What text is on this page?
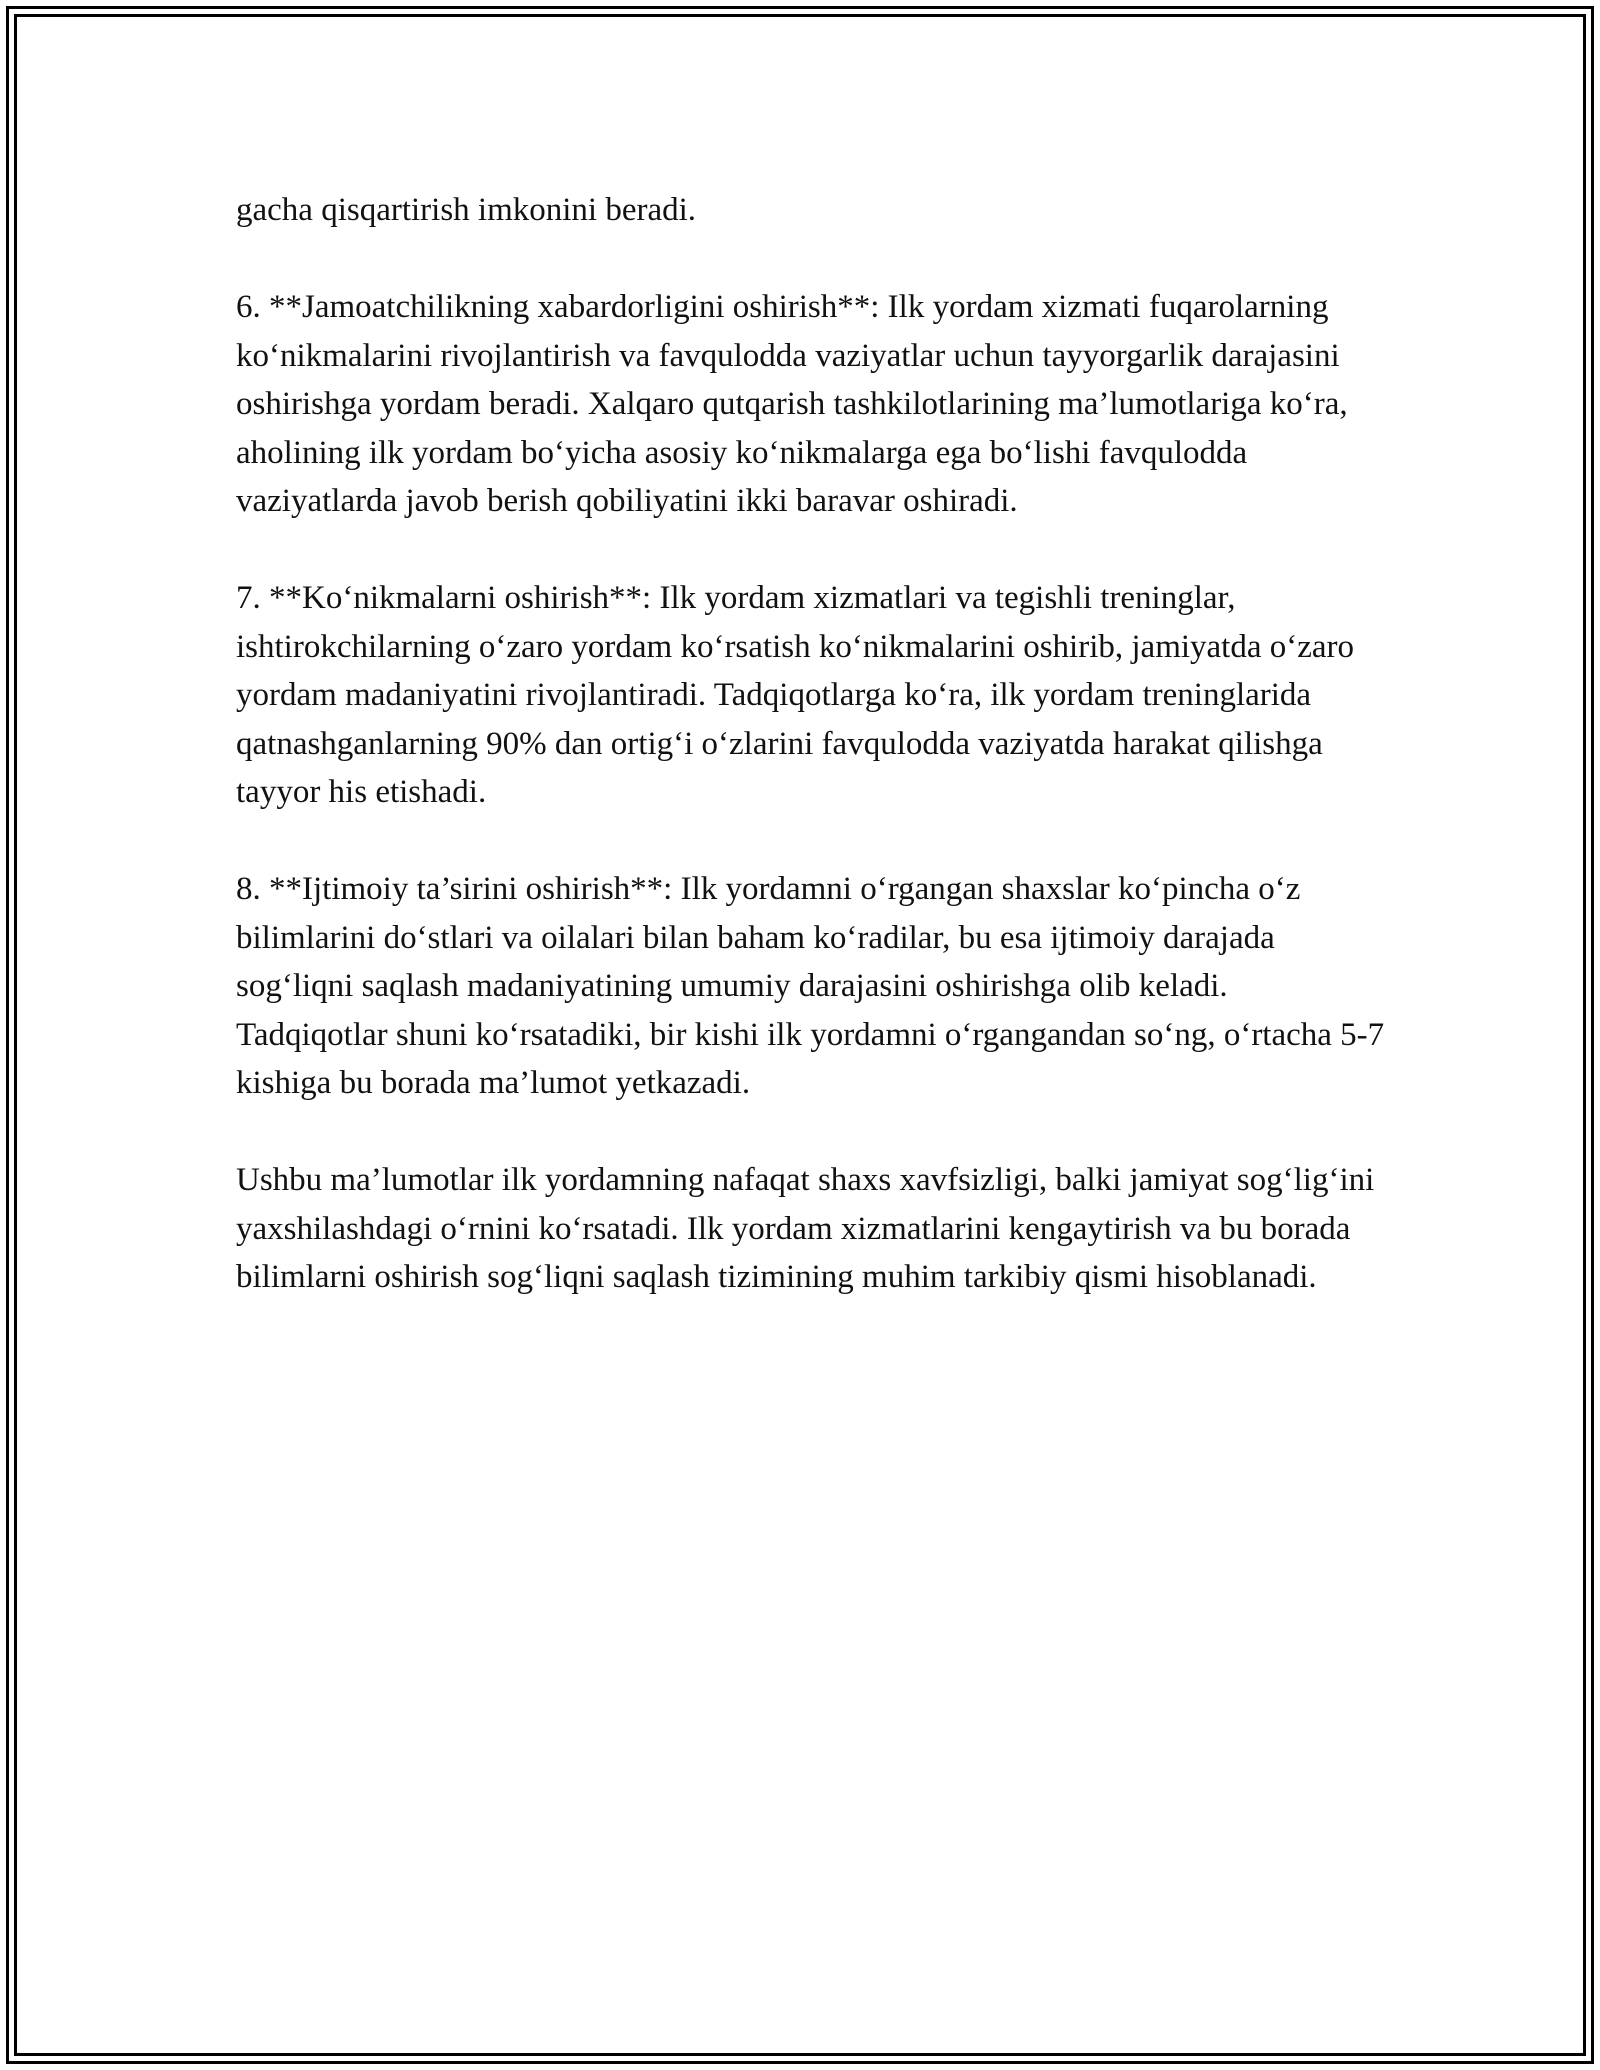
gacha qisqartirish imkonini beradi.

6. **Jamoatchilikning xabardorligini oshirish**: Ilk yordam xizmati fuqarolarning ko‘nikmalarini rivojlantirish va favqulodda vaziyatlar uchun tayyorgarlik darajasini oshirishga yordam beradi. Xalqaro qutqarish tashkilotlarining ma’lumotlariga ko‘ra, aholining ilk yordam bo‘yicha asosiy ko‘nikmalarga ega bo‘lishi favqulodda vaziyatlarda javob berish qobiliyatini ikki baravar oshiradi.

7. **Ko‘nikmalarni oshirish**: Ilk yordam xizmatlari va tegishli treninglar, ishtirokchilarning o‘zaro yordam ko‘rsatish ko‘nikmalarini oshirib, jamiyatda o‘zaro yordam madaniyatini rivojlantiradi. Tadqiqotlarga ko‘ra, ilk yordam treninglarida qatnashganlarning 90% dan ortig‘i o‘zlarini favqulodda vaziyatda harakat qilishga tayyor his etishadi.

8. **Ijtimoiy ta’sirini oshirish**: Ilk yordamni o‘rgangan shaxslar ko‘pincha o‘z bilimlarini do‘stlari va oilalari bilan baham ko‘radilar, bu esa ijtimoiy darajada sog‘liqni saqlash madaniyatining umumiy darajasini oshirishga olib keladi. Tadqiqotlar shuni ko‘rsatadiki, bir kishi ilk yordamni o‘rgangandan so‘ng, o‘rtacha 5-7 kishiga bu borada ma’lumot yetkazadi.

Ushbu ma’lumotlar ilk yordamning nafaqat shaxs xavfsizligi, balki jamiyat sog‘lig‘ini yaxshilashdagi o‘rnini ko‘rsatadi. Ilk yordam xizmatlarini kengaytirish va bu borada bilimlarni oshirish sog‘liqni saqlash tizimining muhim tarkibiy qismi hisoblanadi.
